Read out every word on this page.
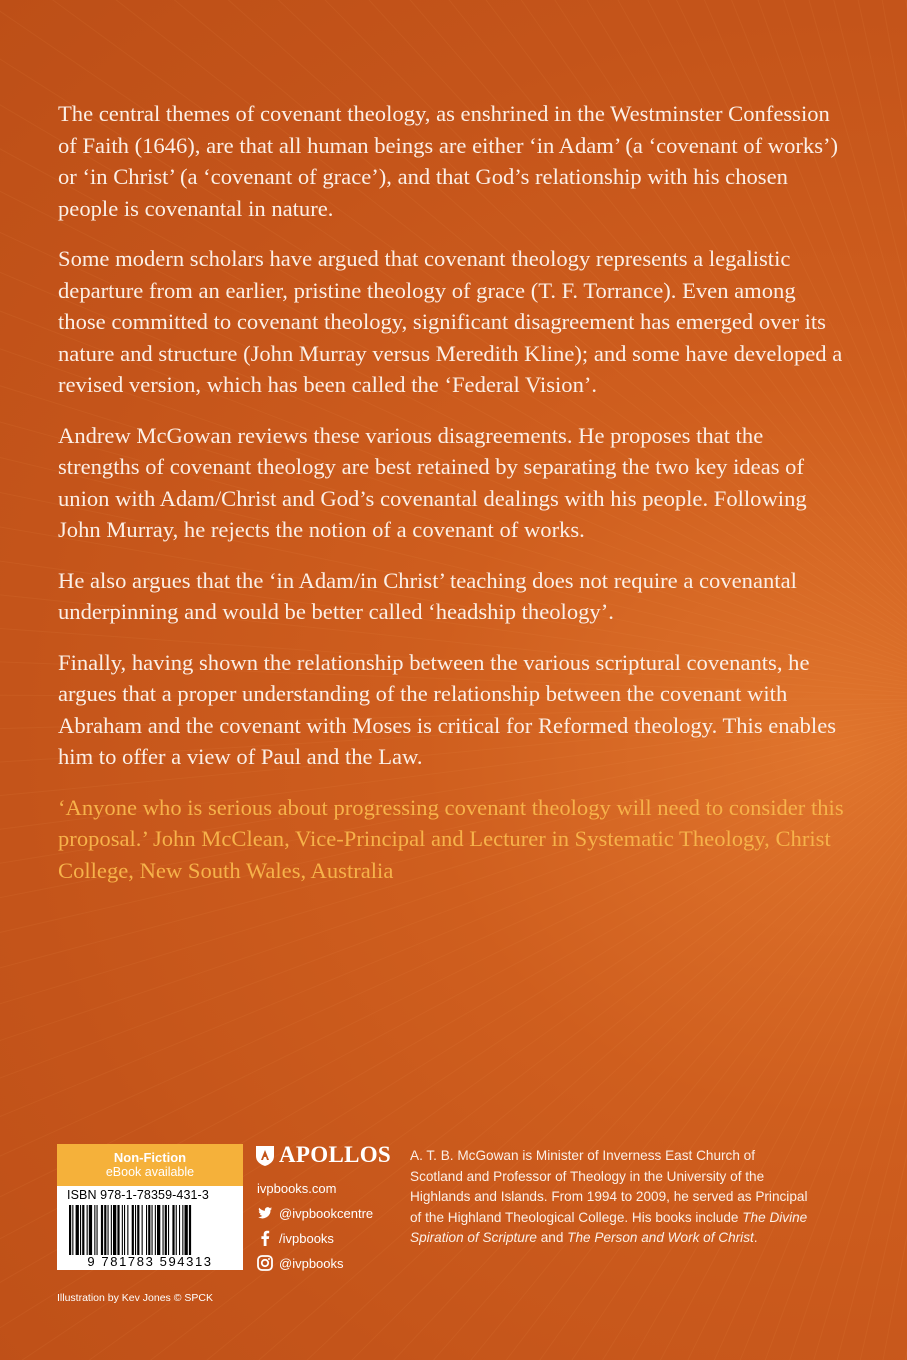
The central themes of covenant theology, as enshrined in the Westminster Confession of Faith (1646), are that all human beings are either ‘in Adam’ (a ‘covenant of works’) or ‘in Christ’ (a ‘covenant of grace’), and that God’s relationship with his chosen people is covenantal in nature.

Some modern scholars have argued that covenant theology represents a legalistic departure from an earlier, pristine theology of grace (T. F. Torrance). Even among those committed to covenant theology, significant disagreement has emerged over its nature and structure (John Murray versus Meredith Kline); and some have developed a revised version, which has been called the ‘Federal Vision’.

Andrew McGowan reviews these various disagreements. He proposes that the strengths of covenant theology are best retained by separating the two key ideas of union with Adam/Christ and God’s covenantal dealings with his people. Following John Murray, he rejects the notion of a covenant of works.

He also argues that the ‘in Adam/in Christ’ teaching does not require a covenantal underpinning and would be better called ‘headship theology’.

Finally, having shown the relationship between the various scriptural covenants, he argues that a proper understanding of the relationship between the covenant with Abraham and the covenant with Moses is critical for Reformed theology. This enables him to offer a view of Paul and the Law.

‘Anyone who is serious about progressing covenant theology will need to consider this proposal.’ John McClean, Vice-Principal and Lecturer in Systematic Theology, Christ College, New South Wales, Australia

Non-Fiction
eBook available
ISBN 978-1-78359-431-3
9 781783 594313
Illustration by Kev Jones © SPCK
APOLLOS
ivpbooks.com
@ivpbookcentre
/ivpbooks
@ivpbooks
A. T. B. McGowan is Minister of Inverness East Church of Scotland and Professor of Theology in the University of the Highlands and Islands. From 1994 to 2009, he served as Principal of the Highland Theological College. His books include The Divine Spiration of Scripture and The Person and Work of Christ.
